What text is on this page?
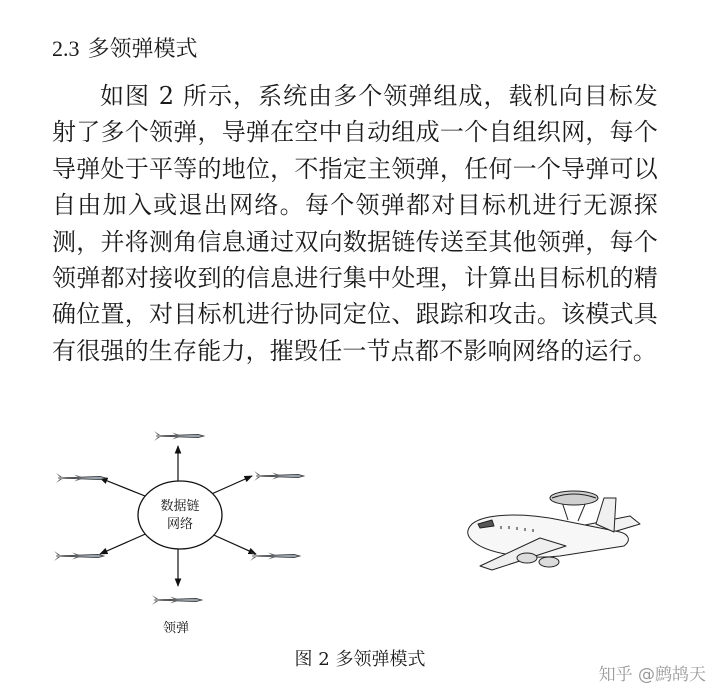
2.3 多领弹模式

如图 2 所示，系统由多个领弹组成，载机向目标发射了多个领弹，导弹在空中自动组成一个自组织网，每个导弹处于平等的地位，不指定主领弹，任何一个导弹可以自由加入或退出网络。每个领弹都对目标机进行无源探测，并将测角信息通过双向数据链传送至其他领弹，每个领弹都对接收到的信息进行集中处理，计算出目标机的精确位置，对目标机进行协同定位、跟踪和攻击。该模式具有很强的生存能力，摧毁任一节点都不影响网络的运行。

数据链
网络
领弹

图 2 多领弹模式

知乎 @鹧鸪天
